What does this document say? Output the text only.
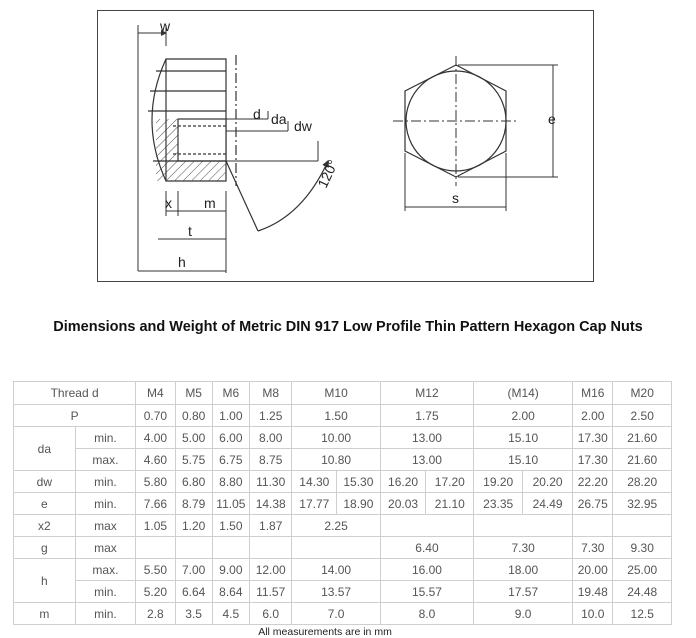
w
d da dw
120°
x m
t
h
s
e
Dimensions and Weight of Metric DIN 917 Low Profile Thin Pattern Hexagon Cap Nuts
Thread d		M4	M5	M6	M8	M10		M12		(M14)		M16	M20
P		0.70	0.80	1.00	1.25	1.50		1.75		2.00		2.00	2.50
da	min.	4.00	5.00	6.00	8.00	10.00		13.00		15.10		17.30	21.60
	max.	4.60	5.75	6.75	8.75	10.80		13.00		15.10		17.30	21.60
dw	min.	5.80	6.80	8.80	11.30	14.30	15.30	16.20	17.20	19.20	20.20	22.20	28.20
e	min.	7.66	8.79	11.05	14.38	17.77	18.90	20.03	21.10	23.35	24.49	26.75	32.95
x2	max	1.05	1.20	1.50	1.87	2.25							
g	max							6.40		7.30		7.30	9.30
h	max.	5.50	7.00	9.00	12.00	14.00		16.00		18.00		20.00	25.00
	min.	5.20	6.64	8.64	11.57	13.57		15.57		17.57		19.48	24.48
m	min.	2.8	3.5	4.5	6.0	7.0		8.0		9.0		10.0	12.5
All measurements are in mm
